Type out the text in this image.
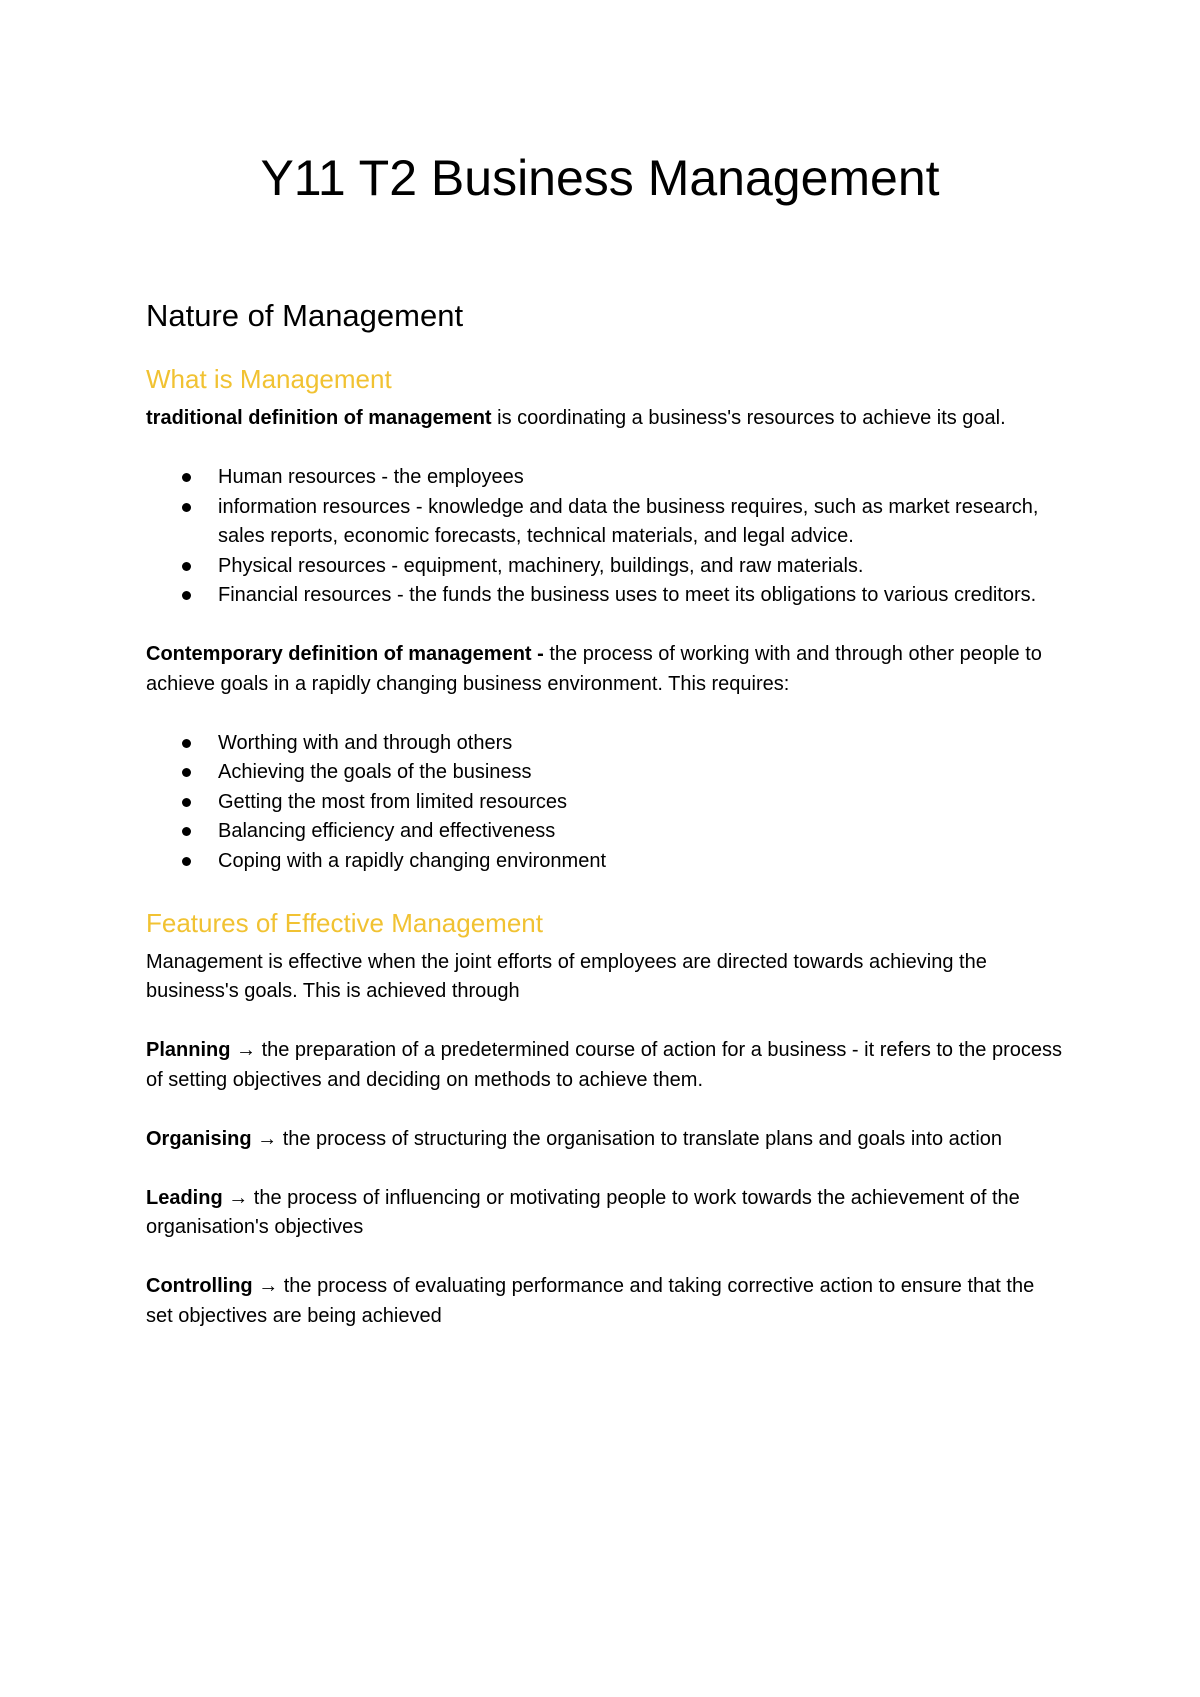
Y11 T2 Business Management
Nature of Management
What is Management

traditional definition of management is coordinating a business's resources to achieve its goal.

Human resources - the employees
information resources - knowledge and data the business requires, such as market research, sales reports, economic forecasts, technical materials, and legal advice.
Physical resources - equipment, machinery, buildings, and raw materials.
Financial resources - the funds the business uses to meet its obligations to various creditors.

Contemporary definition of management - the process of working with and through other people to achieve goals in a rapidly changing business environment. This requires:

Worthing with and through others
Achieving the goals of the business
Getting the most from limited resources
Balancing efficiency and effectiveness
Coping with a rapidly changing environment
Features of Effective Management

Management is effective when the joint efforts of employees are directed towards achieving the business's goals. This is achieved through

Planning → the preparation of a predetermined course of action for a business - it refers to the process of setting objectives and deciding on methods to achieve them.

Organising → the process of structuring the organisation to translate plans and goals into action

Leading → the process of influencing or motivating people to work towards the achievement of the organisation's objectives

Controlling → the process of evaluating performance and taking corrective action to ensure that the set objectives are being achieved
